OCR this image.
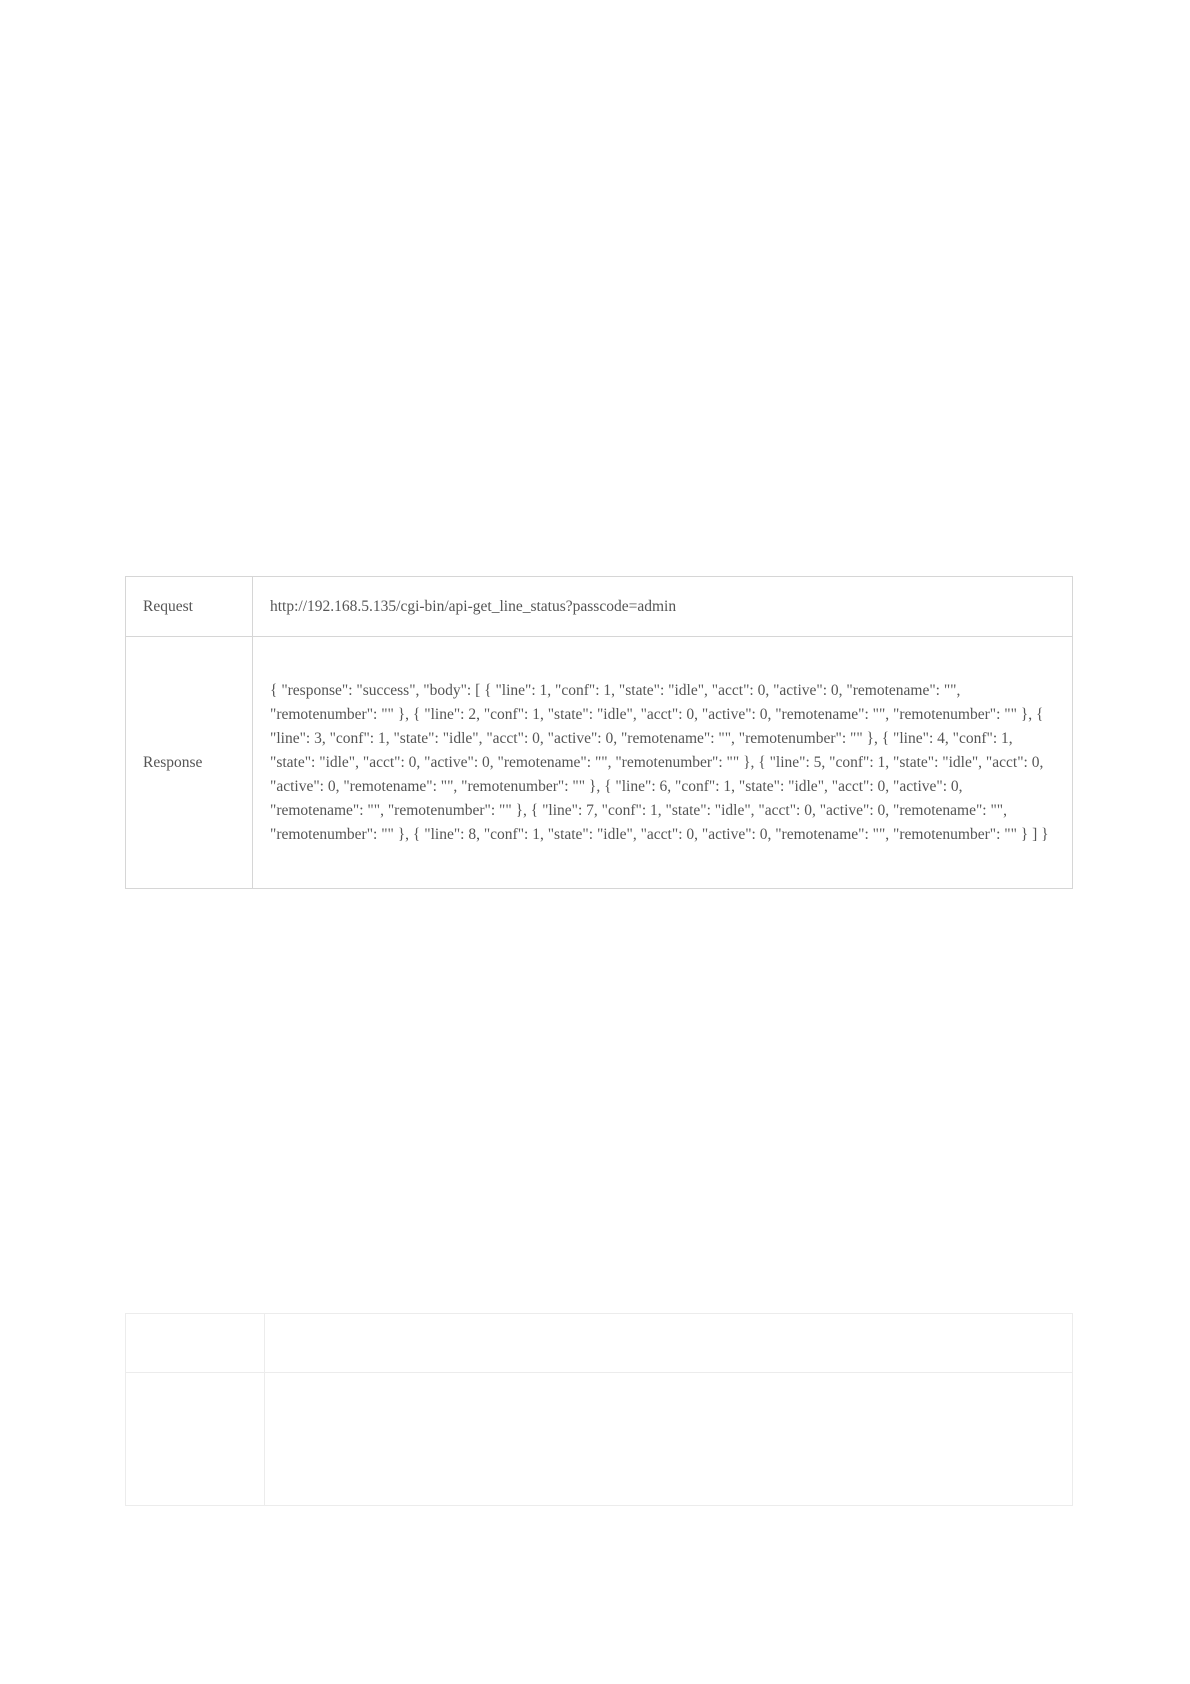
Request	http://192.168.5.135/cgi-bin/api-get_line_status?passcode=admin
Response	{ "response": "success", "body": [ { "line": 1, "conf": 1, "state": "idle", "acct": 0, "active": 0, "remotename": "", "remotenumber": "" }, { "line": 2, "conf": 1, "state": "idle", "acct": 0, "active": 0, "remotename": "", "remotenumber": "" }, { "line": 3, "conf": 1, "state": "idle", "acct": 0, "active": 0, "remotename": "", "remotenumber": "" }, { "line": 4, "conf": 1, "state": "idle", "acct": 0, "active": 0, "remotename": "", "remotenumber": "" }, { "line": 5, "conf": 1, "state": "idle", "acct": 0, "active": 0, "remotename": "", "remotenumber": "" }, { "line": 6, "conf": 1, "state": "idle", "acct": 0, "active": 0, "remotename": "", "remotenumber": "" }, { "line": 7, "conf": 1, "state": "idle", "acct": 0, "active": 0, "remotename": "", "remotenumber": "" }, { "line": 8, "conf": 1, "state": "idle", "acct": 0, "active": 0, "remotename": "", "remotenumber": "" } ] }
